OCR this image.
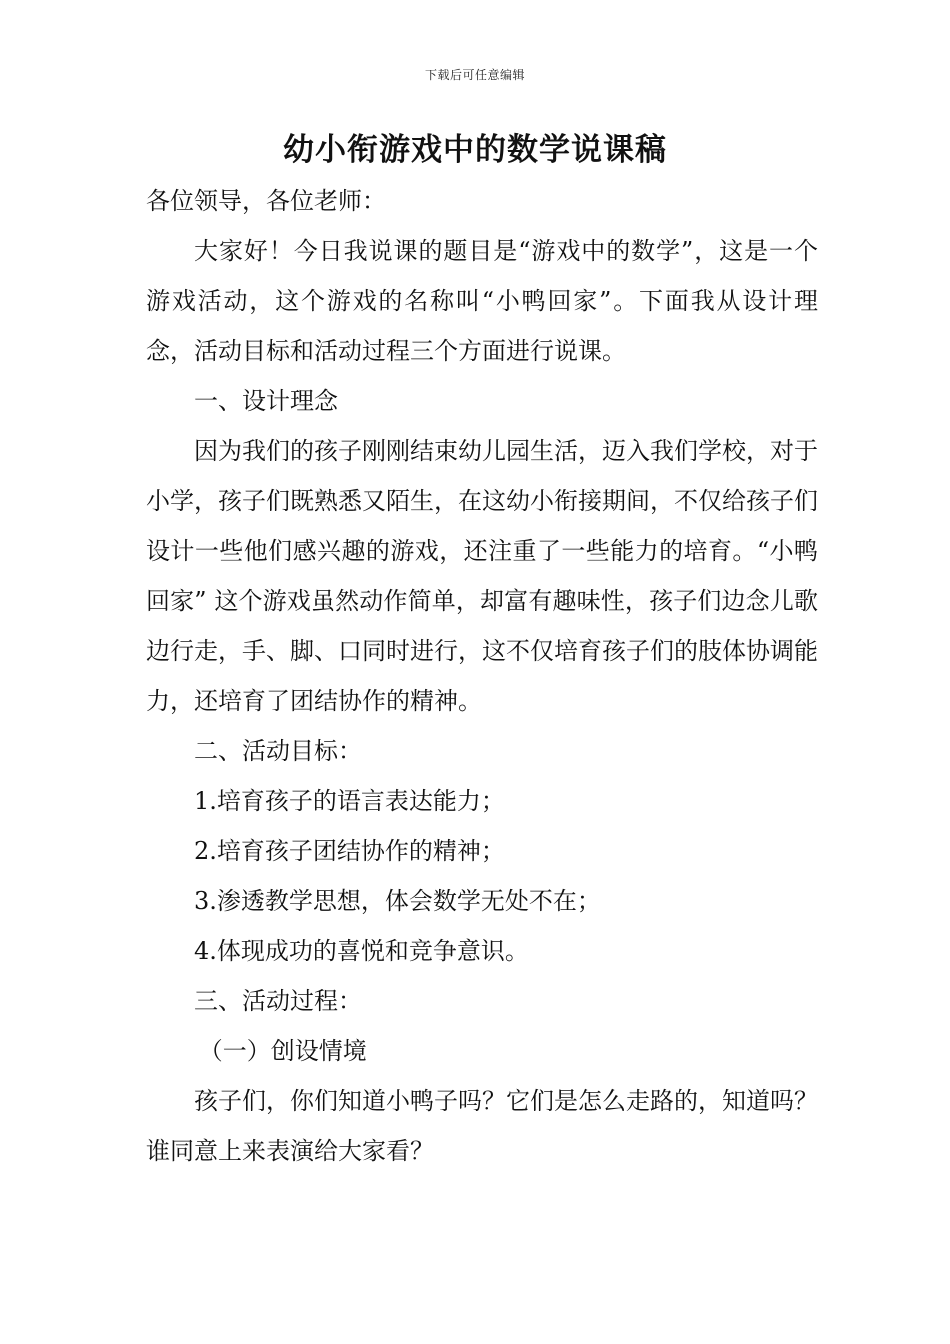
下载后可任意编辑
幼小衔游戏中的数学说课稿

各位领导，各位老师：

大家好！今日我说课的题目是“游戏中的数学”，这是一个游戏活动，这个游戏的名称叫“小鸭回家”。下面我从设计理念，活动目标和活动过程三个方面进行说课。

一、设计理念

因为我们的孩子刚刚结束幼儿园生活，迈入我们学校，对于小学，孩子们既熟悉又陌生，在这幼小衔接期间，不仅给孩子们设计一些他们感兴趣的游戏，还注重了一些能力的培育。“小鸭回家” 这个游戏虽然动作简单，却富有趣味性，孩子们边念儿歌边行走，手、脚、口同时进行，这不仅培育孩子们的肢体协调能力，还培育了团结协作的精神。

二、活动目标：

1.培育孩子的语言表达能力；

2.培育孩子团结协作的精神；

3.渗透教学思想，体会数学无处不在；

4.体现成功的喜悦和竞争意识。

三、活动过程：

（一）创设情境

孩子们，你们知道小鸭子吗？它们是怎么走路的，知道吗？谁同意上来表演给大家看？
